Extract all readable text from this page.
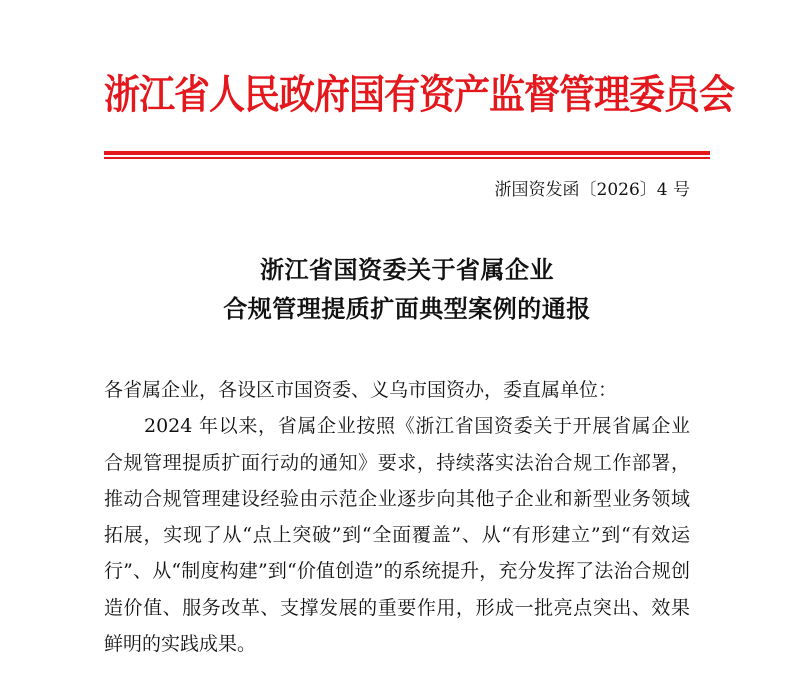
浙江省人民政府国有资产监督管理委员会
浙国资发函〔2026〕4 号
浙江省国资委关于省属企业
合规管理提质扩面典型案例的通报

各省属企业，各设区市国资委、义乌市国资办，委直属单位：

2024 年以来，省属企业按照《浙江省国资委关于开展省属企业合规管理提质扩面行动的通知》要求，持续落实法治合规工作部署，推动合规管理建设经验由示范企业逐步向其他子企业和新型业务领域拓展，实现了从“点上突破”到“全面覆盖”、从“有形建立”到“有效运行”、从“制度构建”到“价值创造”的系统提升，充分发挥了法治合规创造价值、服务改革、支撑发展的重要作用，形成一批亮点突出、效果鲜明的实践成果。
